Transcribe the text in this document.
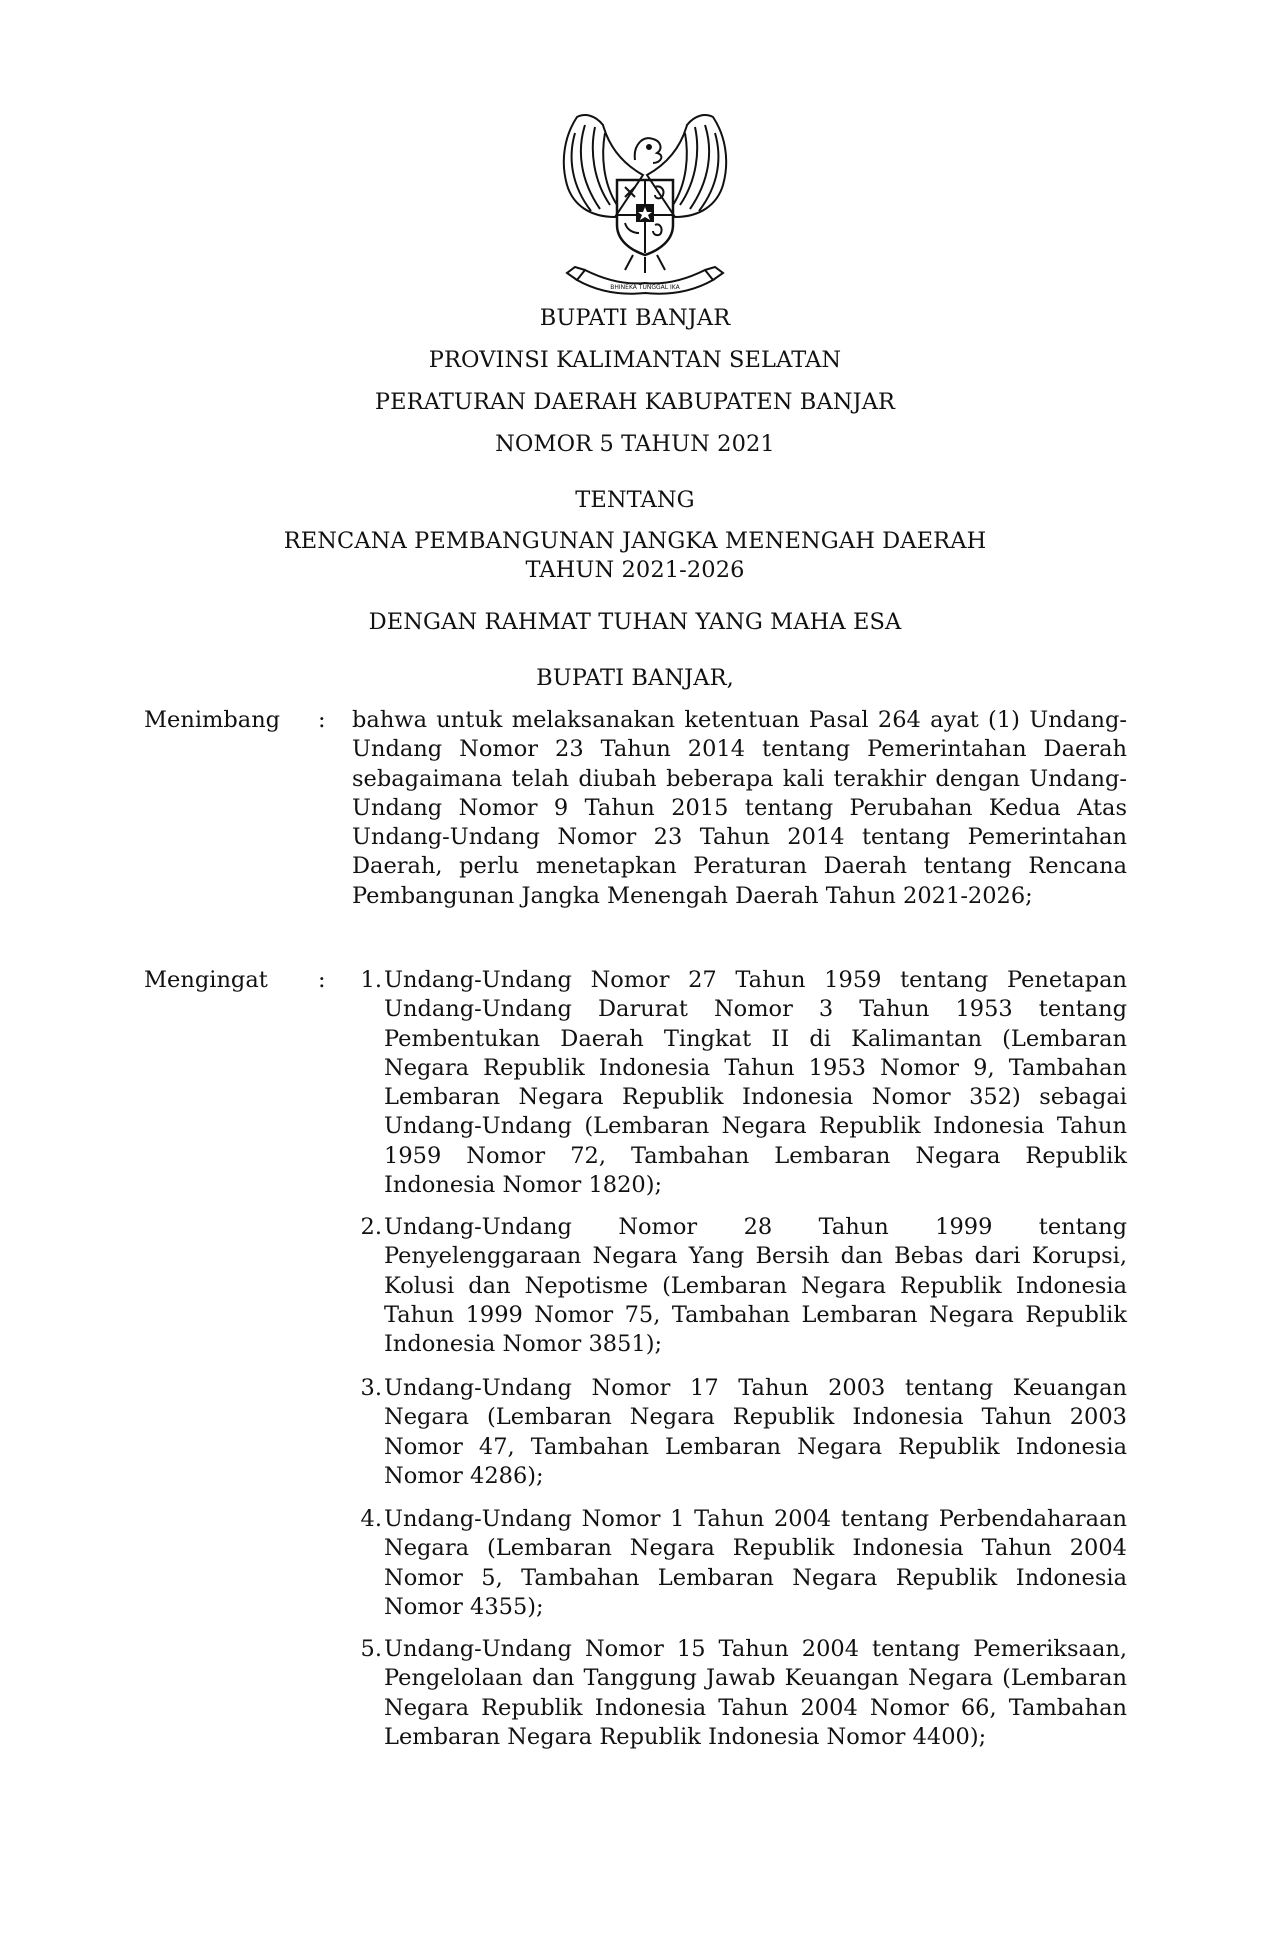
BHINEKA TUNGGAL IKA
BUPATI BANJAR
PROVINSI KALIMANTAN SELATAN
PERATURAN DAERAH KABUPATEN BANJAR
NOMOR 5 TAHUN 2021
TENTANG
RENCANA PEMBANGUNAN JANGKA MENENGAH DAERAH
TAHUN 2021-2026
DENGAN RAHMAT TUHAN YANG MAHA ESA
BUPATI BANJAR,
Menimbang : bahwa untuk melaksanakan ketentuan Pasal 264 ayat (1) Undang-Undang Nomor 23 Tahun 2014 tentang Pemerintahan Daerah sebagaimana telah diubah beberapa kali terakhir dengan Undang-Undang Nomor 9 Tahun 2015 tentang Perubahan Kedua Atas Undang-Undang Nomor 23 Tahun 2014 tentang Pemerintahan Daerah, perlu menetapkan Peraturan Daerah tentang Rencana Pembangunan Jangka Menengah Daerah Tahun 2021-2026;
Mengingat :	1. Undang-Undang Nomor 27 Tahun 1959 tentang Penetapan Undang-Undang Darurat Nomor 3 Tahun 1953 tentang Pembentukan Daerah Tingkat II di Kalimantan (Lembaran Negara Republik Indonesia Tahun 1953 Nomor 9, Tambahan Lembaran Negara Republik Indonesia Nomor 352) sebagai Undang-Undang (Lembaran Negara Republik Indonesia Tahun 1959 Nomor 72, Tambahan Lembaran Negara Republik Indonesia Nomor 1820);
2. Undang-Undang Nomor 28 Tahun 1999 tentang Penyelenggaraan Negara Yang Bersih dan Bebas dari Korupsi, Kolusi dan Nepotisme (Lembaran Negara Republik Indonesia Tahun 1999 Nomor 75, Tambahan Lembaran Negara Republik Indonesia Nomor 3851);
3. Undang-Undang Nomor 17 Tahun 2003 tentang Keuangan Negara (Lembaran Negara Republik Indonesia Tahun 2003 Nomor 47, Tambahan Lembaran Negara Republik Indonesia Nomor 4286);
4. Undang-Undang Nomor 1 Tahun 2004 tentang Perbendaharaan Negara (Lembaran Negara Republik Indonesia Tahun 2004 Nomor 5, Tambahan Lembaran Negara Republik Indonesia Nomor 4355);
5. Undang-Undang Nomor 15 Tahun 2004 tentang Pemeriksaan, Pengelolaan dan Tanggung Jawab Keuangan Negara (Lembaran Negara Republik Indonesia Tahun 2004 Nomor 66, Tambahan Lembaran Negara Republik Indonesia Nomor 4400);
